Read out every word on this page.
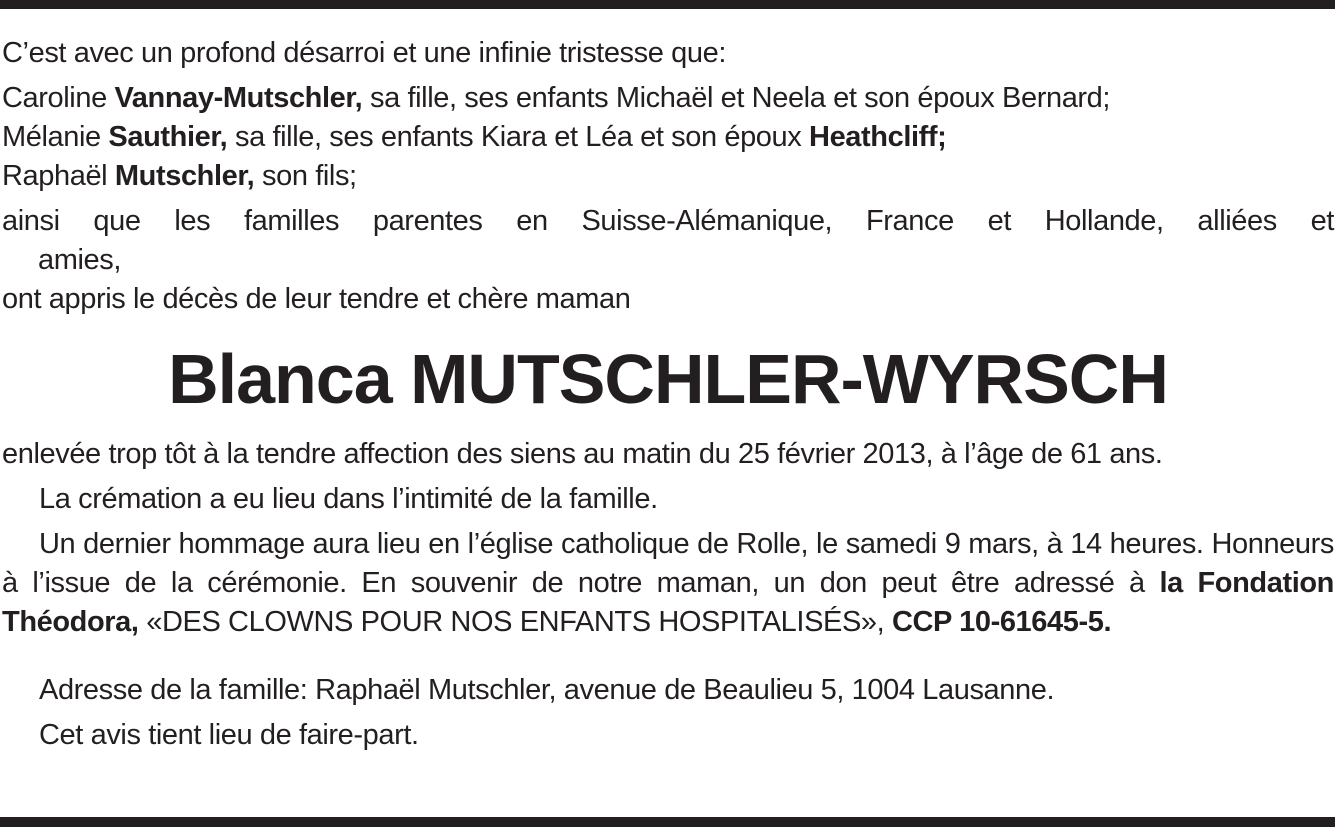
C’est avec un profond désarroi et une infinie tristesse que:

Caroline Vannay-Mutschler, sa fille, ses enfants Michaël et Neela et son époux Bernard;

Mélanie Sauthier, sa fille, ses enfants Kiara et Léa et son époux Heathcliff;

Raphaël Mutschler, son fils;

ainsi que les familles parentes en Suisse-Alémanique, France et Hollande, alliées et

amies,

ont appris le décès de leur tendre et chère maman

Blanca MUTSCHLER-WYRSCH

enlevée trop tôt à la tendre affection des siens au matin du 25 février 2013, à l’âge de 61 ans.

La crémation a eu lieu dans l’intimité de la famille.

Un dernier hommage aura lieu en l’église catholique de Rolle, le samedi 9 mars, à 14 heures. Honneurs à l’issue de la cérémonie. En souvenir de notre maman, un don peut être adressé à la Fondation Théodora, «DES CLOWNS POUR NOS ENFANTS HOSPITALISÉS», CCP 10-61645-5.

Adresse de la famille: Raphaël Mutschler, avenue de Beaulieu 5, 1004 Lausanne.

Cet avis tient lieu de faire-part.
